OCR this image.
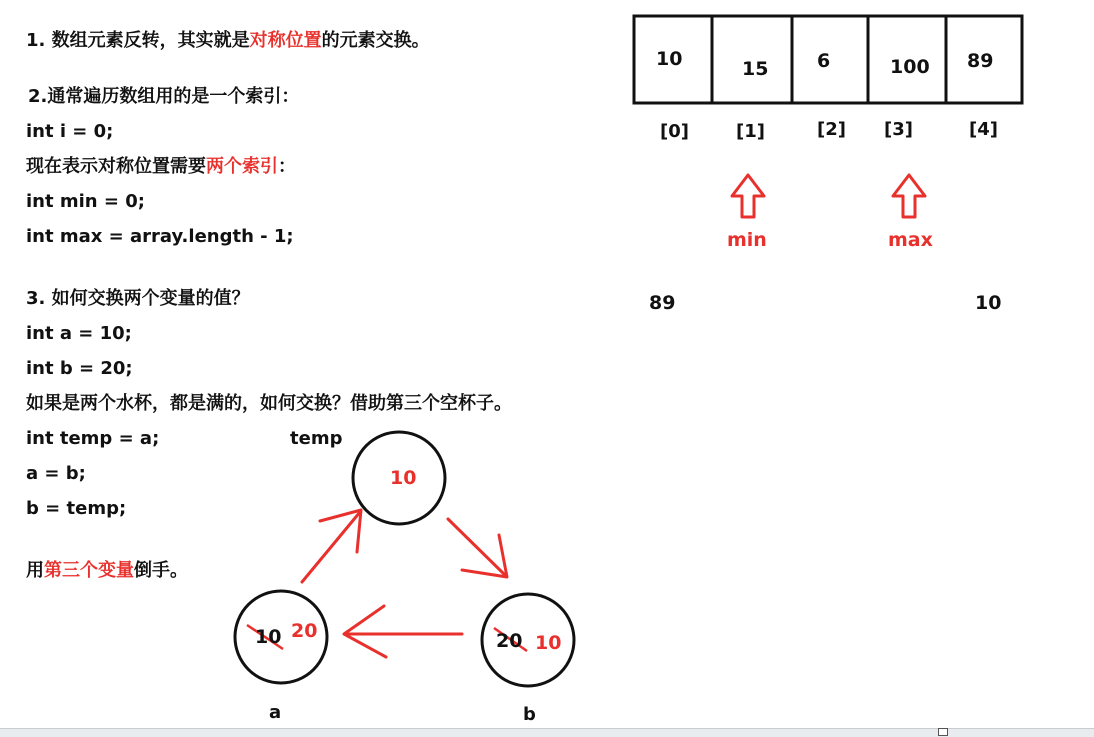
1. 数组元素反转，其实就是对称位置的元素交换。
2.通常遍历数组用的是一个索引：
int i = 0;
现在表示对称位置需要两个索引：
int min = 0;
int max = array.length - 1;
3. 如何交换两个变量的值？
int a = 10;
int b = 20;
如果是两个水杯，都是满的，如何交换？借助第三个空杯子。
int temp = a;
a = b;
b = temp;
用第三个变量倒手。
10	15	6	100 89
[0]	[1]	[2] [3]	[4]
min	max
89	10
temp
10
10 20	20 10
a	b
